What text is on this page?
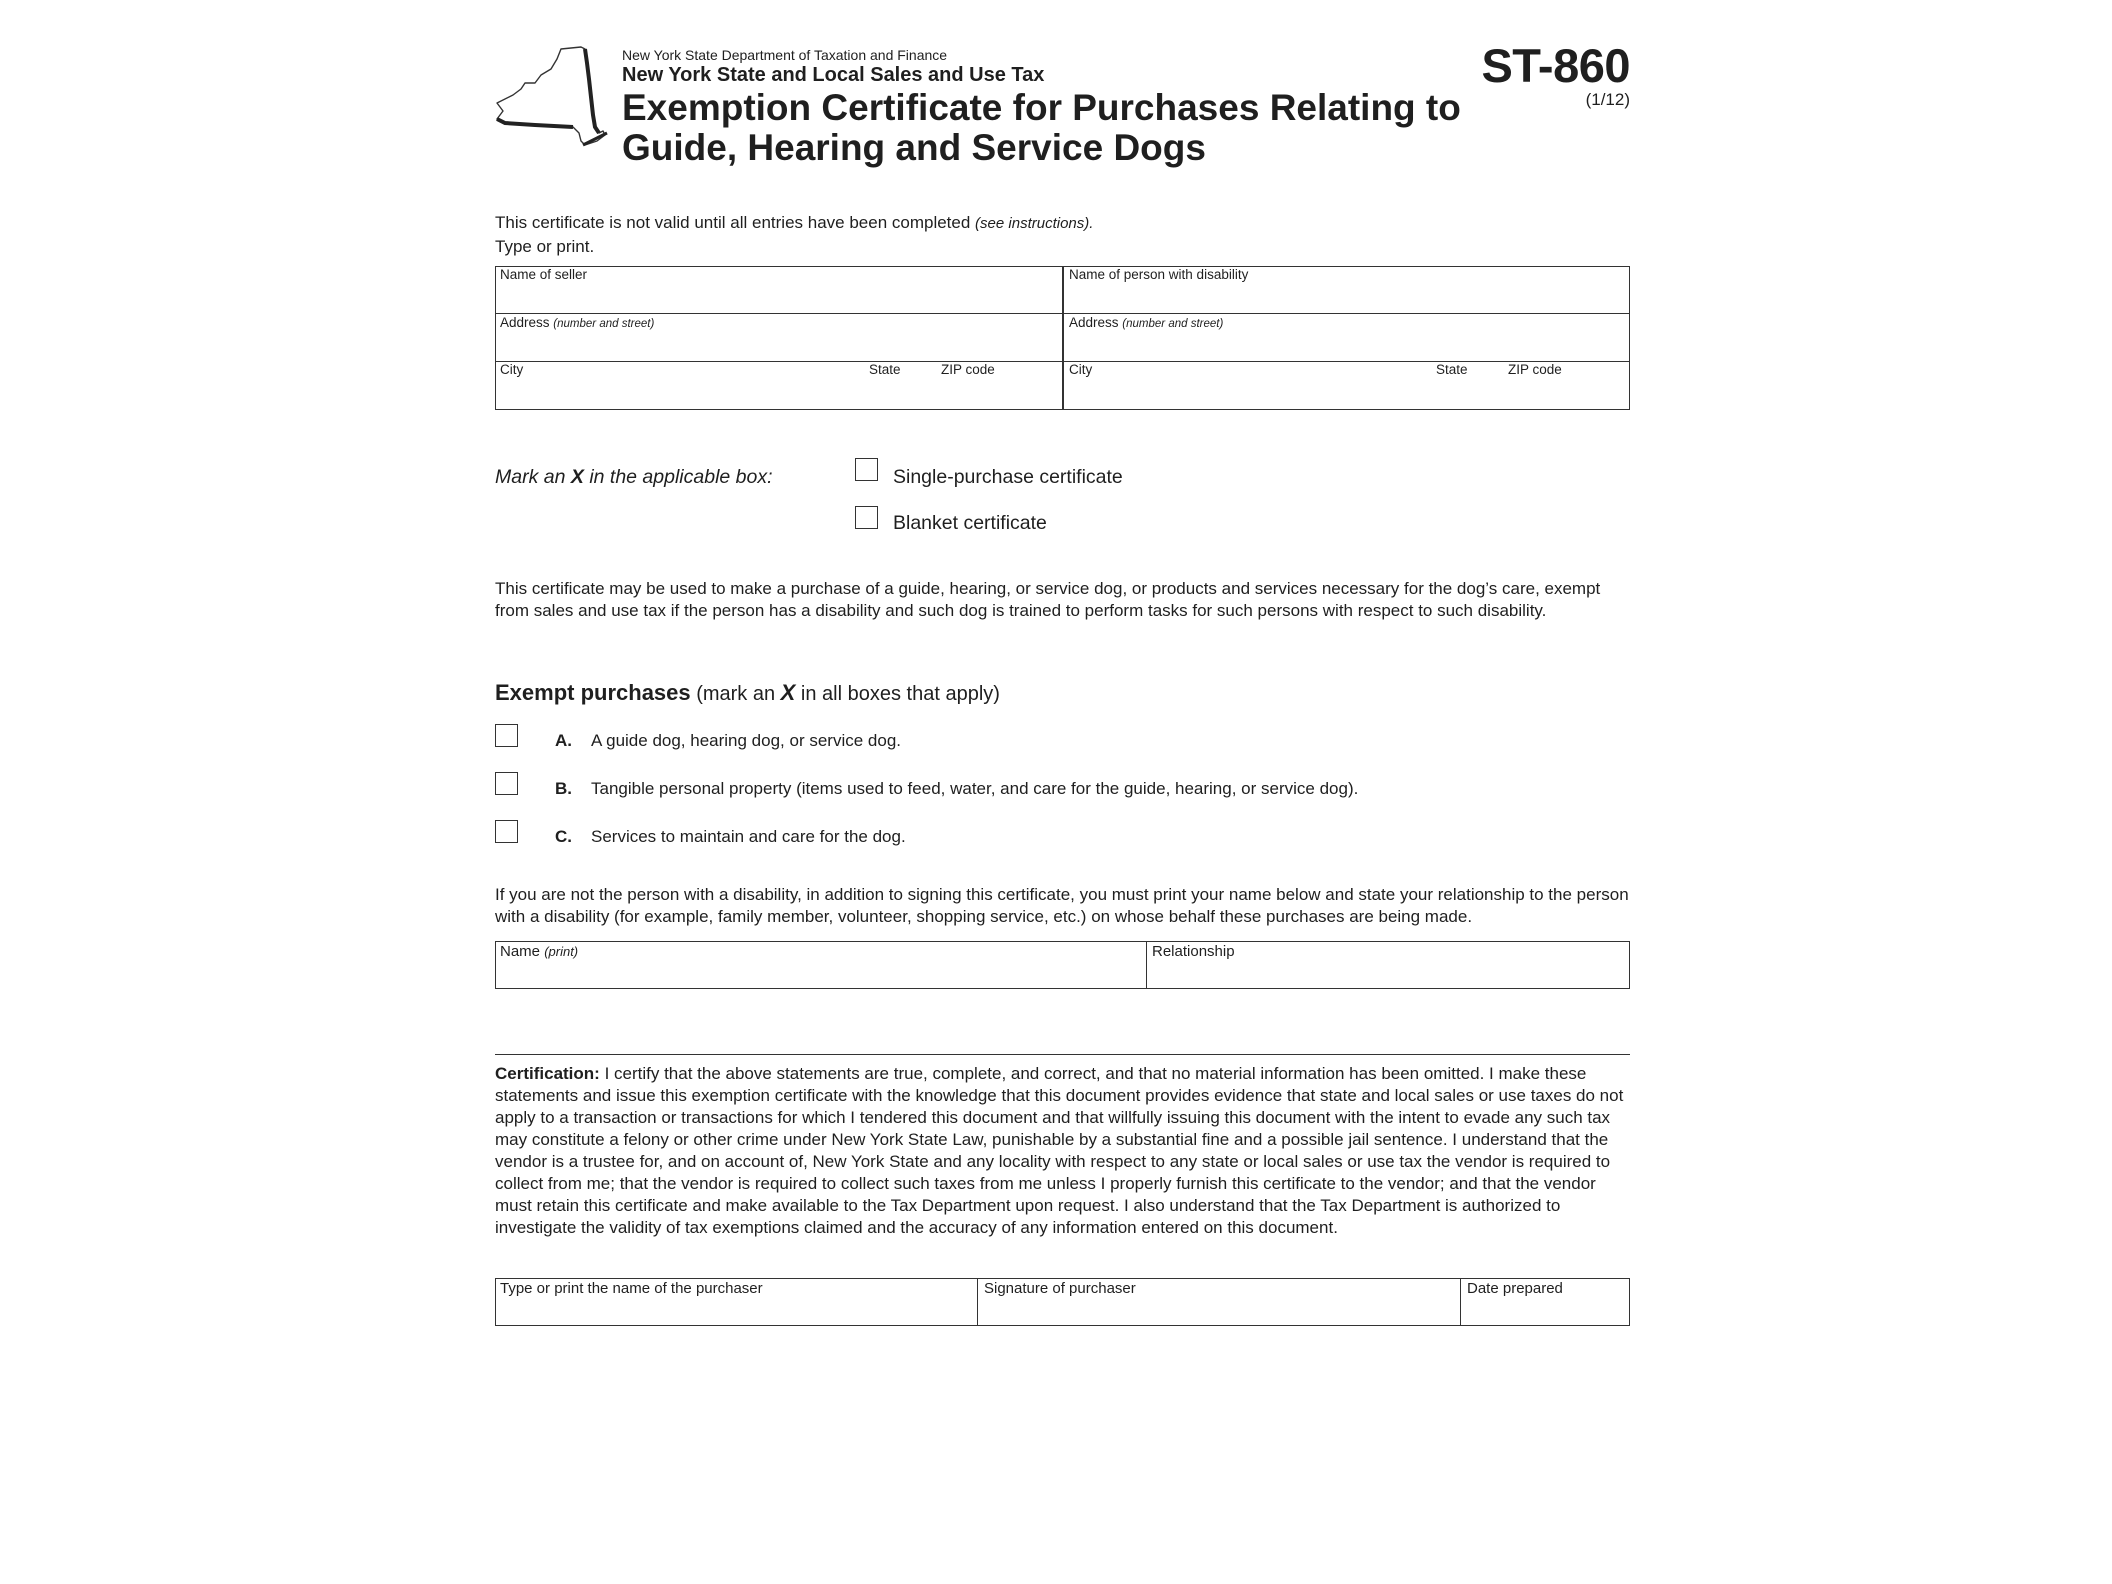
New York State Department of Taxation and Finance
New York State and Local Sales and Use Tax
Exemption Certificate for Purchases Relating to
Guide, Hearing and Service Dogs
ST-860
(1/12)
This certificate is not valid until all entries have been completed (see instructions).
Type or print.
Name of seller
Address (number and street)
City	State	ZIP code
Name of person with disability
Address (number and street)
City	State	ZIP code
Mark an X in the applicable box:	Single-purchase certificate
Blanket certificate
This certificate may be used to make a purchase of a guide, hearing, or service dog, or products and services necessary for the dog’s care, exempt from sales and use tax if the person has a disability and such dog is trained to perform tasks for such persons with respect to such disability.
Exempt purchases (mark an X in all boxes that apply)
A. A guide dog, hearing dog, or service dog.
B. Tangible personal property (items used to feed, water, and care for the guide, hearing, or service dog).
C. Services to maintain and care for the dog.
If you are not the person with a disability, in addition to signing this certificate, you must print your name below and state your relationship to the person with a disability (for example, family member, volunteer, shopping service, etc.) on whose behalf these purchases are being made.
Name (print)	Relationship
Certification: I certify that the above statements are true, complete, and correct, and that no material information has been omitted. I make these statements and issue this exemption certificate with the knowledge that this document provides evidence that state and local sales or use taxes do not apply to a transaction or transactions for which I tendered this document and that willfully issuing this document with the intent to evade any such tax may constitute a felony or other crime under New York State Law, punishable by a substantial fine and a possible jail sentence. I understand that the vendor is a trustee for, and on account of, New York State and any locality with respect to any state or local sales or use tax the vendor is required to collect from me; that the vendor is required to collect such taxes from me unless I properly furnish this certificate to the vendor; and that the vendor must retain this certificate and make available to the Tax Department upon request. I also understand that the Tax Department is authorized to investigate the validity of tax exemptions claimed and the accuracy of any information entered on this document.
Type or print the name of the purchaser	Signature of purchaser	Date prepared
